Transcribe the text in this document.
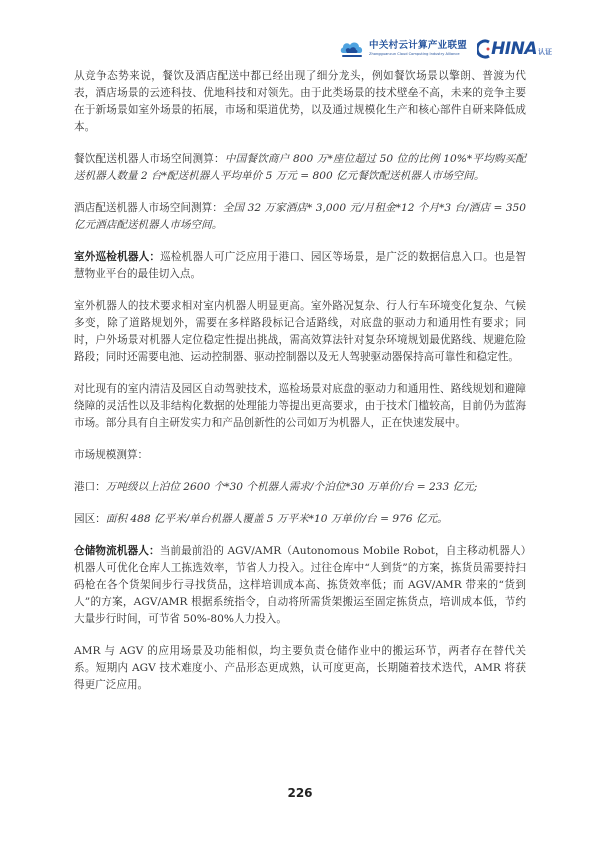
中关村云计算产业联盟
Zhongguancun Cloud Computing Industry Alliance	HINA 认证

从竞争态势来说，餐饮及酒店配送中都已经出现了细分龙头，例如餐饮场景以擎朗、普渡为代表，酒店场景的云迹科技、优地科技和对领先。由于此类场景的技术壁垒不高，未来的竞争主要在于新场景如室外场景的拓展，市场和渠道优势，以及通过规模化生产和核心部件自研来降低成本。

餐饮配送机器人市场空间测算：中国餐饮商户 800 万*座位超过 50 位的比例 10%*平均购买配送机器人数量 2 台*配送机器人平均单价 5 万元 = 800 亿元餐饮配送机器人市场空间。

酒店配送机器人市场空间测算：全国 32 万家酒店* 3,000 元/月租金*12 个月*3 台/酒店 = 350 亿元酒店配送机器人市场空间。

室外巡检机器人：巡检机器人可广泛应用于港口、园区等场景，是广泛的数据信息入口。也是智慧物业平台的最佳切入点。

室外机器人的技术要求相对室内机器人明显更高。室外路况复杂、行人行车环境变化复杂、气候多变，除了道路规划外，需要在多样路段标记合适路线，对底盘的驱动力和通用性有要求；同时，户外场景对机器人定位稳定性提出挑战，需高效算法针对复杂环境规划最优路线、规避危险路段；同时还需要电池、运动控制器、驱动控制器以及无人驾驶驱动器保持高可靠性和稳定性。

对比现有的室内清洁及园区自动驾驶技术，巡检场景对底盘的驱动力和通用性、路线规划和避障绕障的灵活性以及非结构化数据的处理能力等提出更高要求，由于技术门槛较高，目前仍为蓝海市场。部分具有自主研发实力和产品创新性的公司如万为机器人，正在快速发展中。

市场规模测算：

港口：万吨级以上泊位 2600 个*30 个机器人需求/个泊位*30 万单价/台 = 233 亿元;

园区：面积 488 亿平米/单台机器人覆盖 5 万平米*10 万单价/台 = 976 亿元。

仓储物流机器人：当前最前沿的 AGV/AMR（Autonomous Mobile Robot，自主移动机器人）机器人可优化仓库人工拣选效率，节省人力投入。过往仓库中“人到货”的方案，拣货员需要持扫码枪在各个货架间步行寻找货品，这样培训成本高、拣货效率低；而 AGV/AMR 带来的“货到人”的方案，AGV/AMR 根据系统指令，自动将所需货架搬运至固定拣货点，培训成本低，节约大量步行时间，可节省 50%-80%人力投入。

AMR 与 AGV 的应用场景及功能相似，均主要负责仓储作业中的搬运环节，两者存在替代关系。短期内 AGV 技术难度小、产品形态更成熟，认可度更高，长期随着技术迭代，AMR 将获得更广泛应用。

226
